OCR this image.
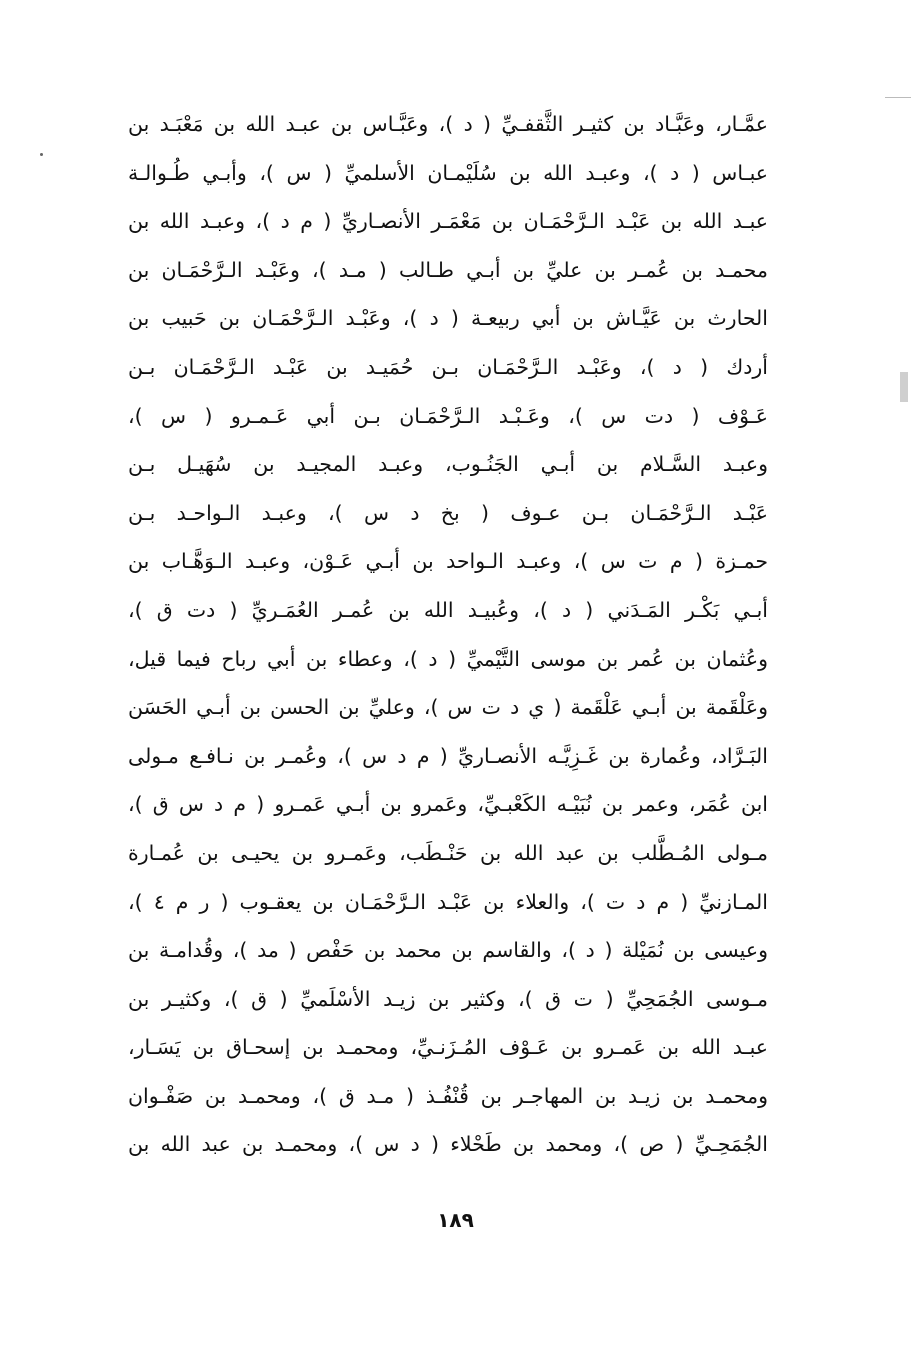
عمَّـار، وعَبَّـاد بن كثيـر الثَّقفـيِّ ( د )، وعَبَّـاس بن عبـد الله بن مَعْبَـد بن
عبـاس ( د )، وعبـد الله بن سُلَيْمـان الأسلميِّ ( س )، وأبـي طُـوالـة
عبـد الله بن عَبْـد الـرَّحْمَـان بن مَعْمَـر الأنصـاريِّ ( م د )، وعبـد الله بن
محمـد بن عُمـر بن عليِّ بن أبـي طـالب ( مـد )، وعَبْـد الـرَّحْمَـان بن
الحارث بن عَيَّـاش بن أبي ربيعـة ( د )، وعَبْـد الـرَّحْمَـان بن حَبيب بن
أردك ( د )، وعَبْـد الـرَّحْمَـان بـن حُمَيـد بن عَبْـد الـرَّحْمَـان بـن
عَـوْف ( دت س )، وعَـبْـد الـرَّحْمَـان بـن أبي عَـمـرو ( س )،
وعبـد السَّـلام بن أبـي الجَنُـوب، وعبـد المجيـد بن سُهَيـل بـن
عَبْـد الـرَّحْمَـان بـن عـوف ( بخ د س )، وعبـد الـواحـد بـن
حمـزة ( م ت س )، وعبـد الـواحد بن أبـي عَـوْن، وعبـد الـوَهَّـاب بن
أبـي بَكْـر المَـدَني ( د )، وعُبيـد الله بن عُمـر العُمَـريِّ ( دت ق )،
وعُثمان بن عُمر بن موسى التَّيْميِّ ( د )، وعطاء بن أبي رباح فيما قيل،
وعَلْقَمة بن أبـي عَلْقَمة ( ي د ت س )، وعليِّ بن الحسن بن أبـي الحَسَن
البَـرَّاد، وعُمارة بن غَـزِيَّـه الأنصـاريِّ ( م د س )، وعُمـر بن نـافـع مـولى
ابن عُمَر، وعمر بن نُبَيْـه الكَعْبـيِّ، وعَمرو بن أبـي عَمـرو ( م د س ق )،
مـولى المُـطَّلب بن عبد الله بن حَنْـطَب، وعَمـرو بن يحيـى بن عُمـارة
المـازنيِّ ( م د ت )، والعلاء بن عَبْـد الـرَّحْمَـان بن يعقـوب ( ر م ٤ )،
وعيسى بن نُمَيْلة ( د )، والقاسم بن محمد بن حَفْص ( مد )، وقُدامـة بن
مـوسى الجُمَحِيِّ ( ت ق )، وكثير بن زيـد الأسْلَميِّ ( ق )، وكثيـر بن
عبـد الله بن عَمـرو بن عَـوْف المُـزَنـيِّ، ومحمـد بن إسحـاق بن يَسَـار،
ومحمـد بن زيـد بن المهاجـر بن قُنْفُـذ ( مـد ق )، ومحمـد بن صَفْـوان
الجُمَحِـيِّ ( ص )، ومحمد بن طَحْلاء ( د س )، ومحمـد بن عبد الله بن
١٨٩
